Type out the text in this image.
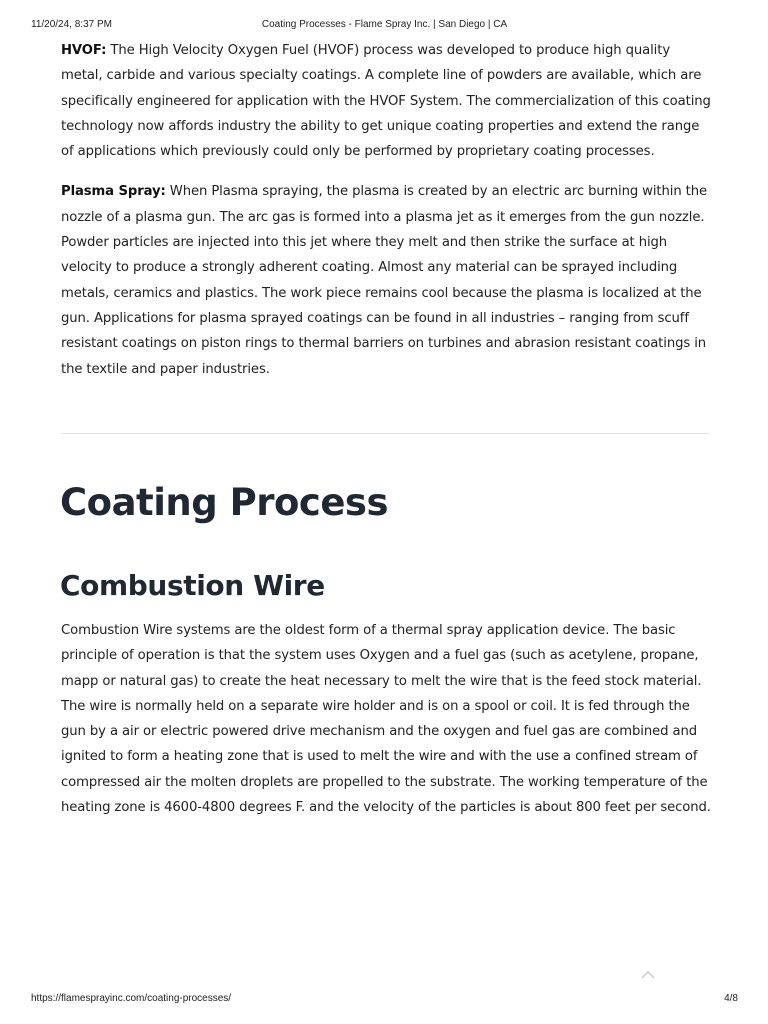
11/20/24, 8:37 PM	Coating Processes - Flame Spray Inc. | San Diego | CA

HVOF: The High Velocity Oxygen Fuel (HVOF) process was developed to produce high quality metal, carbide and various specialty coatings. A complete line of powders are available, which are specifically engineered for application with the HVOF System. The commercialization of this coating technology now affords industry the ability to get unique coating properties and extend the range of applications which previously could only be performed by proprietary coating processes.

Plasma Spray: When Plasma spraying, the plasma is created by an electric arc burning within the nozzle of a plasma gun. The arc gas is formed into a plasma jet as it emerges from the gun nozzle. Powder particles are injected into this jet where they melt and then strike the surface at high velocity to produce a strongly adherent coating. Almost any material can be sprayed including metals, ceramics and plastics. The work piece remains cool because the plasma is localized at the gun. Applications for plasma sprayed coatings can be found in all industries – ranging from scuff resistant coatings on piston rings to thermal barriers on turbines and abrasion resistant coatings in the textile and paper industries.

Coating Process
Combustion Wire

Combustion Wire systems are the oldest form of a thermal spray application device. The basic principle of operation is that the system uses Oxygen and a fuel gas (such as acetylene, propane, mapp or natural gas) to create the heat necessary to melt the wire that is the feed stock material. The wire is normally held on a separate wire holder and is on a spool or coil. It is fed through the gun by a air or electric powered drive mechanism and the oxygen and fuel gas are combined and ignited to form a heating zone that is used to melt the wire and with the use a confined stream of compressed air the molten droplets are propelled to the substrate. The working temperature of the heating zone is 4600-4800 degrees F. and the velocity of the particles is about 800 feet per second.

https://flamesprayinc.com/coating-processes/	4/8
